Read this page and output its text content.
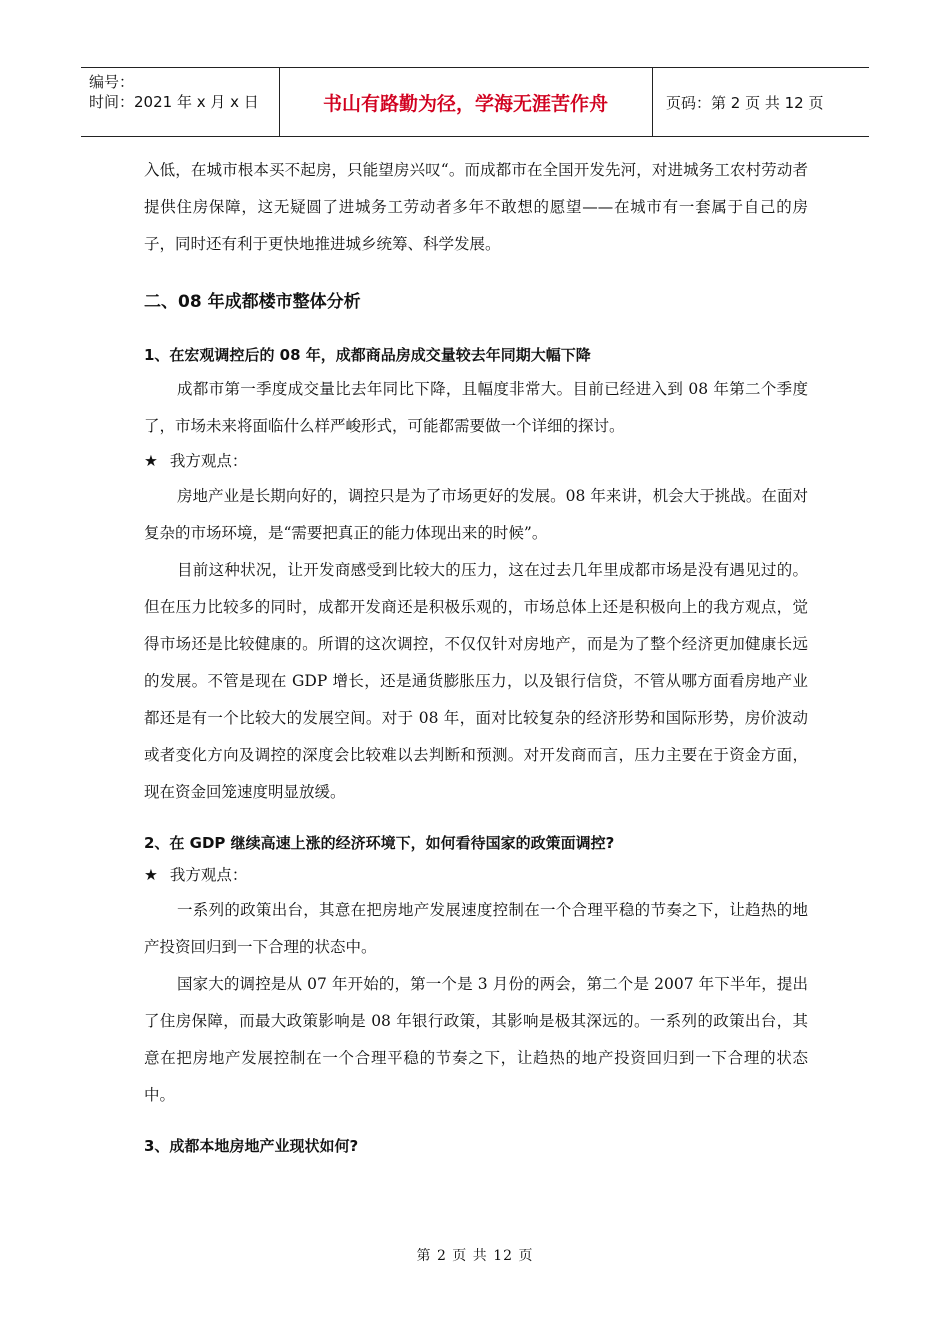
编号：
时间：2021 年 x 月 x 日	书山有路勤为径，学海无涯苦作舟	页码：第 2 页 共 12 页

入低，在城市根本买不起房，只能望房兴叹“。而成都市在全国开发先河，对进城务工农村劳动者提供住房保障，这无疑圆了进城务工劳动者多年不敢想的愿望——在城市有一套属于自己的房子，同时还有利于更快地推进城乡统筹、科学发展。

二、08 年成都楼市整体分析
1、在宏观调控后的 08 年，成都商品房成交量较去年同期大幅下降

成都市第一季度成交量比去年同比下降，且幅度非常大。目前已经进入到 08 年第二个季度了，市场未来将面临什么样严峻形式，可能都需要做一个详细的探讨。

★ 我方观点：

房地产业是长期向好的，调控只是为了市场更好的发展。08 年来讲，机会大于挑战。在面对复杂的市场环境，是“需要把真正的能力体现出来的时候”。

目前这种状况，让开发商感受到比较大的压力，这在过去几年里成都市场是没有遇见过的。但在压力比较多的同时，成都开发商还是积极乐观的，市场总体上还是积极向上的我方观点，觉得市场还是比较健康的。所谓的这次调控，不仅仅针对房地产，而是为了整个经济更加健康长远的发展。不管是现在 GDP 增长，还是通货膨胀压力，以及银行信贷，不管从哪方面看房地产业都还是有一个比较大的发展空间。对于 08 年，面对比较复杂的经济形势和国际形势，房价波动或者变化方向及调控的深度会比较难以去判断和预测。对开发商而言，压力主要在于资金方面，现在资金回笼速度明显放缓。

2、在 GDP 继续高速上涨的经济环境下，如何看待国家的政策面调控?

★ 我方观点：

一系列的政策出台，其意在把房地产发展速度控制在一个合理平稳的节奏之下，让趋热的地产投资回归到一下合理的状态中。

国家大的调控是从 07 年开始的，第一个是 3 月份的两会，第二个是 2007 年下半年，提出了住房保障，而最大政策影响是 08 年银行政策，其影响是极其深远的。一系列的政策出台，其意在把房地产发展控制在一个合理平稳的节奏之下，让趋热的地产投资回归到一下合理的状态中。

3、成都本地房地产业现状如何?
第 2 页 共 12 页
